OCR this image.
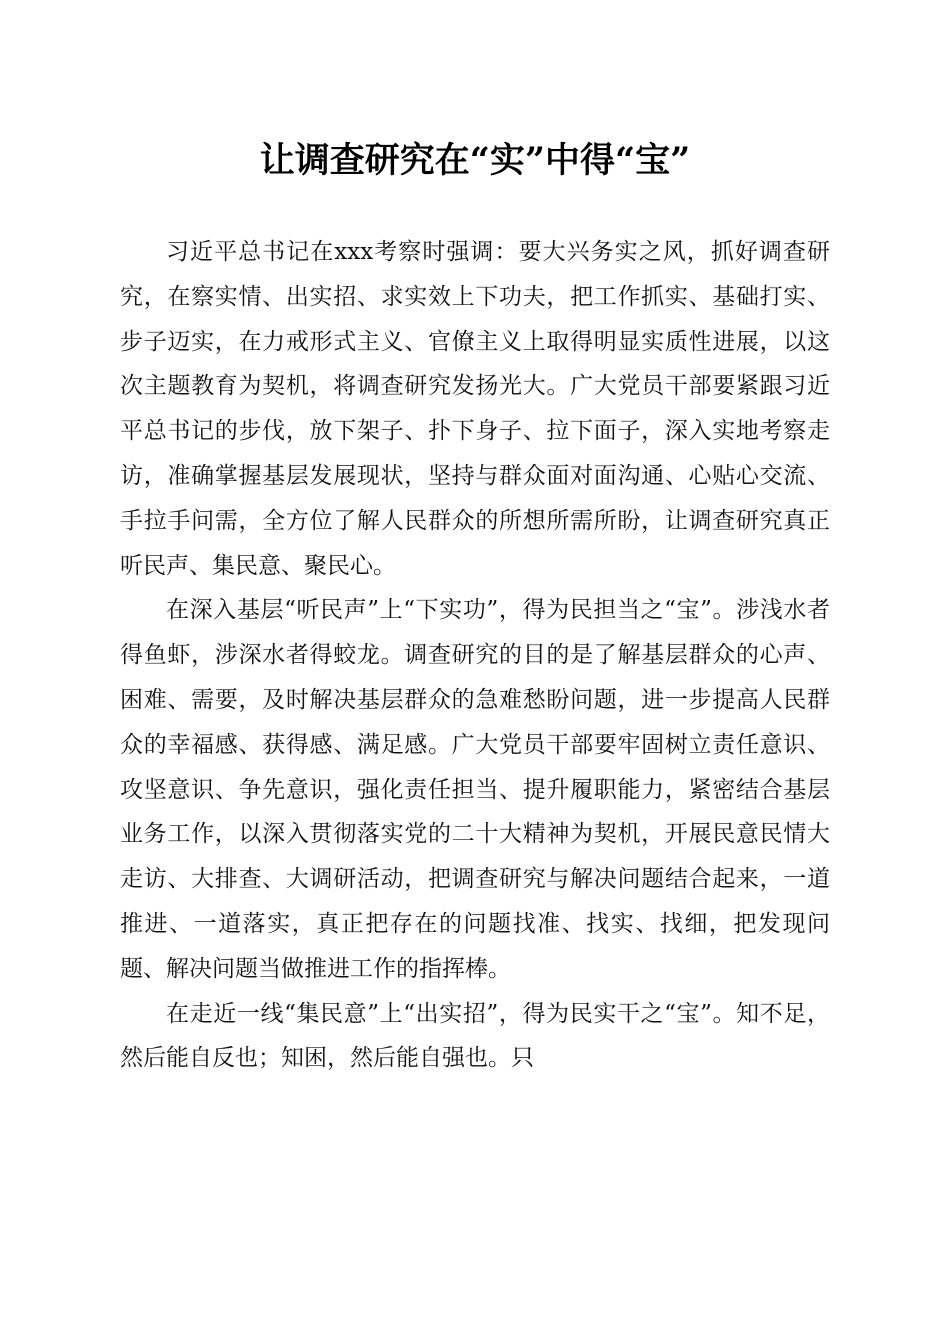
让调查研究在“实”中得“宝”

习近平总书记在xxx考察时强调：要大兴务实之风，抓好调查研究，在察实情、出实招、求实效上下功夫，把工作抓实、基础打实、步子迈实，在力戒形式主义、官僚主义上取得明显实质性进展，以这次主题教育为契机，将调查研究发扬光大。广大党员干部要紧跟习近平总书记的步伐，放下架子、扑下身子、拉下面子，深入实地考察走访，准确掌握基层发展现状，坚持与群众面对面沟通、心贴心交流、手拉手问需，全方位了解人民群众的所想所需所盼，让调查研究真正听民声、集民意、聚民心。

在深入基层“听民声”上“下实功”，得为民担当之“宝”。涉浅水者得鱼虾，涉深水者得蛟龙。调查研究的目的是了解基层群众的心声、困难、需要，及时解决基层群众的急难愁盼问题，进一步提高人民群众的幸福感、获得感、满足感。广大党员干部要牢固树立责任意识、攻坚意识、争先意识，强化责任担当、提升履职能力，紧密结合基层业务工作，以深入贯彻落实党的二十大精神为契机，开展民意民情大走访、大排查、大调研活动，把调查研究与解决问题结合起来，一道推进、一道落实，真正把存在的问题找准、找实、找细，把发现问题、解决问题当做推进工作的指挥棒。

在走近一线“集民意”上“出实招”，得为民实干之“宝”。知不足，然后能自反也；知困，然后能自强也。只
